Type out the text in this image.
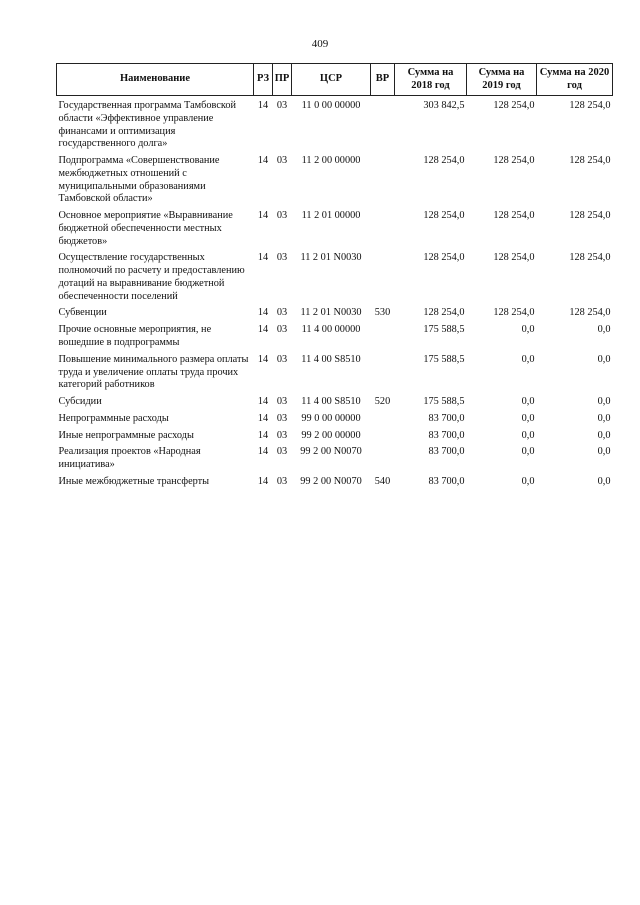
409
Наименование	РЗ	ПР	ЦСР	ВР	Сумма на 2018 год	Сумма на 2019 год	Сумма на 2020 год
Государственная программа Тамбовской области «Эффективное управление финансами и оптимизация государственного долга»	14	03	11 0 00 00000		303 842,5	128 254,0	128 254,0
Подпрограмма «Совершенствование межбюджетных отношений с муниципальными образованиями Тамбовской области»	14	03	11 2 00 00000		128 254,0	128 254,0	128 254,0
Основное мероприятие «Выравнивание бюджетной обеспеченности местных бюджетов»	14	03	11 2 01 00000		128 254,0	128 254,0	128 254,0
Осуществление государственных полномочий по расчету и предоставлению дотаций на выравнивание бюджетной обеспеченности поселений	14	03	11 2 01 N0030		128 254,0	128 254,0	128 254,0
Субвенции	14	03	11 2 01 N0030	530	128 254,0	128 254,0	128 254,0
Прочие основные мероприятия, не вошедшие в подпрограммы	14	03	11 4 00 00000		175 588,5	0,0	0,0
Повышение минимального размера оплаты труда и увеличение оплаты труда прочих категорий работников	14	03	11 4 00 S8510		175 588,5	0,0	0,0
Субсидии	14	03	11 4 00 S8510	520	175 588,5	0,0	0,0
Непрограммные расходы	14	03	99 0 00 00000		83 700,0	0,0	0,0
Иные непрограммные расходы	14	03	99 2 00 00000		83 700,0	0,0	0,0
Реализация проектов «Народная инициатива»	14	03	99 2 00 N0070		83 700,0	0,0	0,0
Иные межбюджетные трансферты	14	03	99 2 00 N0070	540	83 700,0	0,0	0,0
